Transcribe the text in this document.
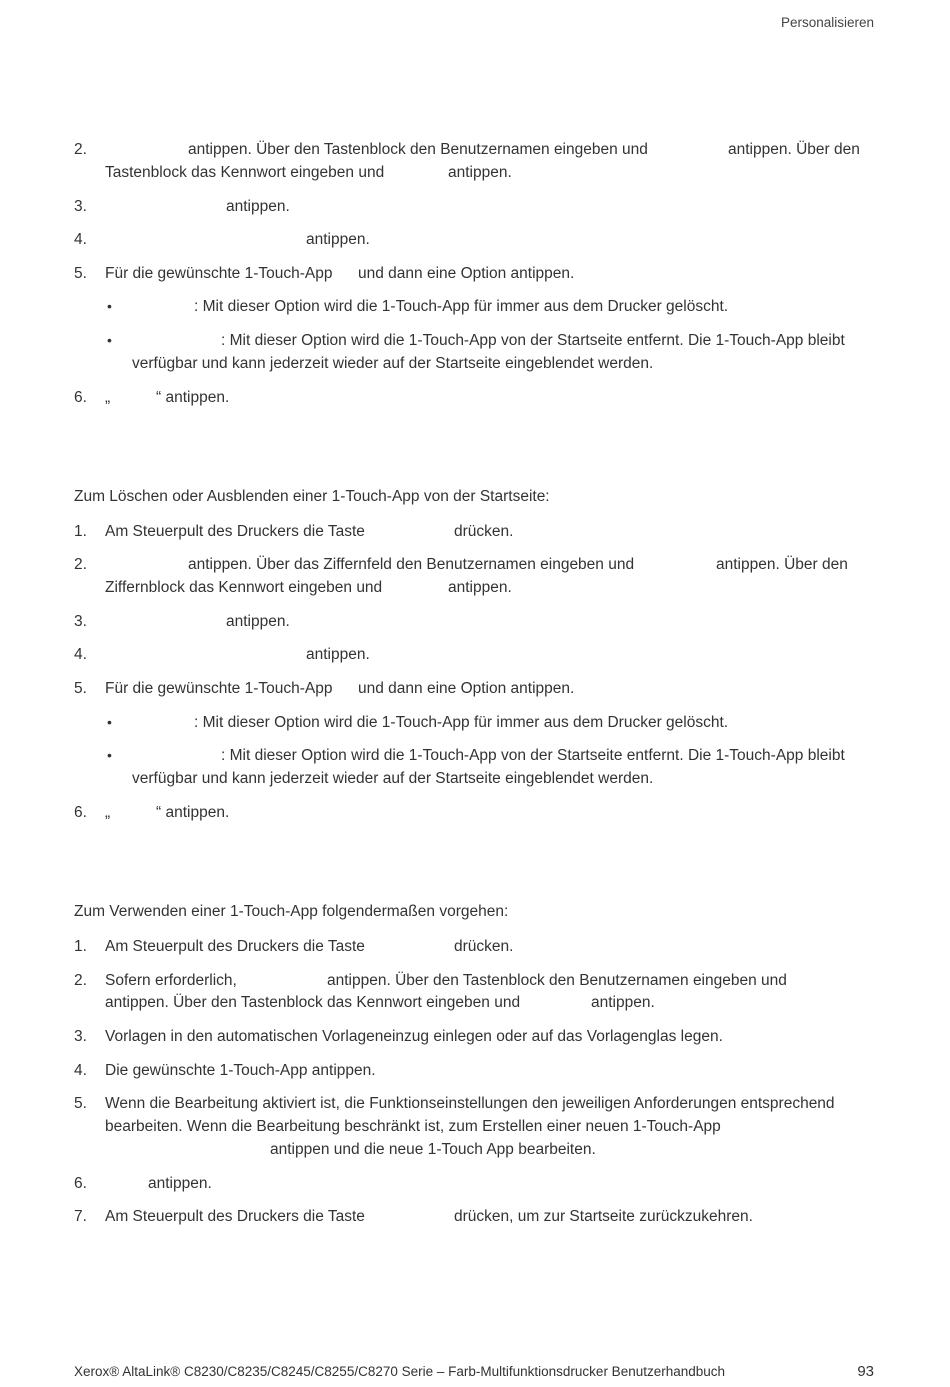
Personalisieren
2.	antippen. Über den Tastenblock den Benutzernamen eingeben und	antippen. Über den
Tastenblock das Kennwort eingeben und	antippen.
3.	antippen.
4.	antippen.
5. Für die gewünschte 1-Touch-App und dann eine Option antippen.
•	: Mit dieser Option wird die 1-Touch-App für immer aus dem Drucker gelöscht.
•	: Mit dieser Option wird die 1-Touch-App von der Startseite entfernt. Die 1-Touch-App bleibt
verfügbar und kann jederzeit wieder auf der Startseite eingeblendet werden.
6. „	“ antippen.
Zum Löschen oder Ausblenden einer 1-Touch-App von der Startseite:
1. Am Steuerpult des Druckers die Taste	drücken.
2.	antippen. Über das Ziffernfeld den Benutzernamen eingeben und	antippen. Über den
Ziffernblock das Kennwort eingeben und	antippen.
3.	antippen.
4.	antippen.
5. Für die gewünschte 1-Touch-App und dann eine Option antippen.
•	: Mit dieser Option wird die 1-Touch-App für immer aus dem Drucker gelöscht.
•	: Mit dieser Option wird die 1-Touch-App von der Startseite entfernt. Die 1-Touch-App bleibt
verfügbar und kann jederzeit wieder auf der Startseite eingeblendet werden.
6. „	“ antippen.
Zum Verwenden einer 1-Touch-App folgendermaßen vorgehen:
1. Am Steuerpult des Druckers die Taste	drücken.
2. Sofern erforderlich,	antippen. Über den Tastenblock den Benutzernamen eingeben und
antippen. Über den Tastenblock das Kennwort eingeben und	antippen.
3. Vorlagen in den automatischen Vorlageneinzug einlegen oder auf das Vorlagenglas legen.
4. Die gewünschte 1-Touch-App antippen.
5. Wenn die Bearbeitung aktiviert ist, die Funktionseinstellungen den jeweiligen Anforderungen entsprechend
bearbeiten. Wenn die Bearbeitung beschränkt ist, zum Erstellen einer neuen 1-Touch-App
antippen und die neue 1-Touch App bearbeiten.
6.	antippen.
7. Am Steuerpult des Druckers die Taste	drücken, um zur Startseite zurückzukehren.
Xerox® AltaLink® C8230/C8235/C8245/C8255/C8270 Serie – Farb-Multifunktionsdrucker Benutzerhandbuch	93
